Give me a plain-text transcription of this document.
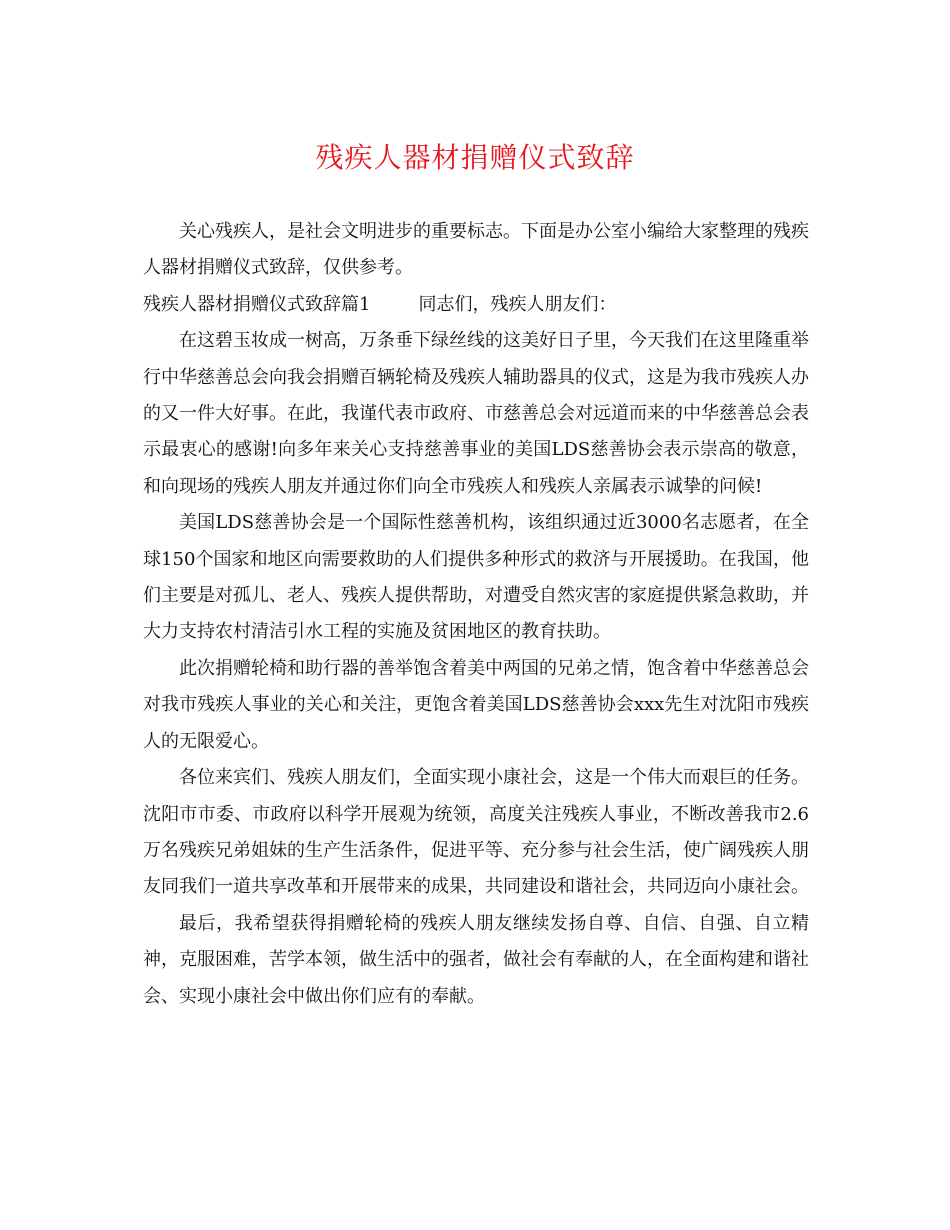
残疾人器材捐赠仪式致辞

关心残疾人，是社会文明进步的重要标志。下面是办公室小编给大家整理的残疾人器材捐赠仪式致辞，仅供参考。

残疾人器材捐赠仪式致辞篇1	同志们，残疾人朋友们：

在这碧玉妆成一树高，万条垂下绿丝线的这美好日子里，今天我们在这里隆重举行中华慈善总会向我会捐赠百辆轮椅及残疾人辅助器具的仪式，这是为我市残疾人办的又一件大好事。在此，我谨代表市政府、市慈善总会对远道而来的中华慈善总会表示最衷心的感谢!向多年来关心支持慈善事业的美国LDS慈善协会表示崇高的敬意，和向现场的残疾人朋友并通过你们向全市残疾人和残疾人亲属表示诚挚的问候!

美国LDS慈善协会是一个国际性慈善机构，该组织通过近3000名志愿者，在全球150个国家和地区向需要救助的人们提供多种形式的救济与开展援助。在我国，他们主要是对孤儿、老人、残疾人提供帮助，对遭受自然灾害的家庭提供紧急救助，并大力支持农村清洁引水工程的实施及贫困地区的教育扶助。

此次捐赠轮椅和助行器的善举饱含着美中两国的兄弟之情，饱含着中华慈善总会对我市残疾人事业的关心和关注，更饱含着美国LDS慈善协会xxx先生对沈阳市残疾人的无限爱心。

各位来宾们、残疾人朋友们，全面实现小康社会，这是一个伟大而艰巨的任务。沈阳市市委、市政府以科学开展观为统领，高度关注残疾人事业，不断改善我市2.6万名残疾兄弟姐妹的生产生活条件，促进平等、充分参与社会生活，使广阔残疾人朋友同我们一道共享改革和开展带来的成果，共同建设和谐社会，共同迈向小康社会。

最后，我希望获得捐赠轮椅的残疾人朋友继续发扬自尊、自信、自强、自立精神，克服困难，苦学本领，做生活中的强者，做社会有奉献的人，在全面构建和谐社会、实现小康社会中做出你们应有的奉献。
